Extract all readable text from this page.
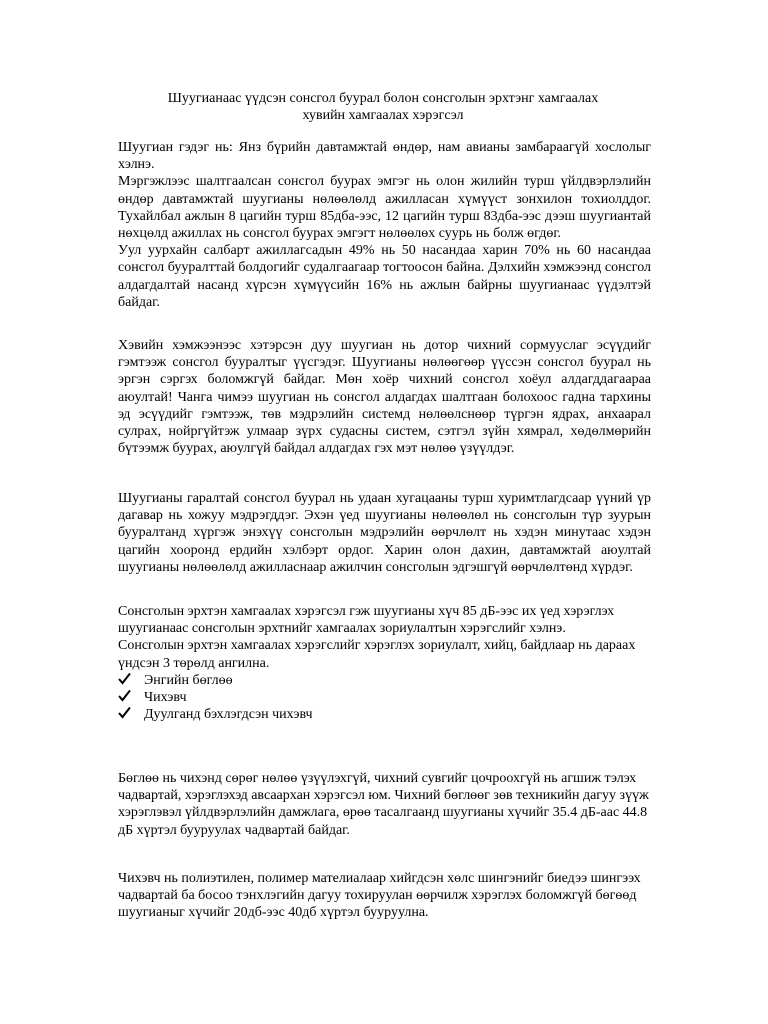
Шуугианаас үүдсэн сонсгол буурал болон сонсголын эрхтэнг хамгаалах
хувийн хамгаалах хэрэгсэл

Шуугиан гэдэг нь: Янз бүрийн давтамжтай өндөр, нам авианы замбараагүй хослолыг хэлнэ.

Мэргэжлээс шалтгаалсан сонсгол буурах эмгэг нь олон жилийн турш үйлдвэрлэлийн өндөр давтамжтай шуугианы нөлөөлөлд ажилласан хүмүүст зонхилон тохиолддог. Тухайлбал ажлын 8 цагийн турш 85дба-ээс, 12 цагийн турш 83дба-ээс дээш шуугиантай нөхцөлд ажиллах нь сонсгол буурах эмгэгт нөлөөлөх суурь нь болж өгдөг.

Уул уурхайн салбарт ажиллагсадын 49% нь 50 насандаа харин 70% нь 60 насандаа сонсгол бууралттай болдогийг судалгаагаар тогтоосон байна. Дэлхийн хэмжээнд сонсгол алдагдалтай насанд хүрсэн хүмүүсийн 16% нь ажлын байрны шуугианаас үүдэлтэй байдаг.

Хэвийн хэмжээнээс хэтэрсэн дуу шуугиан нь дотор чихний сормууслаг эсүүдийг гэмтээж сонсгол бууралтыг үүсгэдэг. Шуугианы нөлөөгөөр үүссэн сонсгол буурал нь эргэн сэргэх боломжгүй байдаг. Мөн хоёр чихний сонсгол хоёул алдагддагаараа аюултай! Чанга чимээ шуугиан нь сонсгол алдагдах шалтгаан болохоос гадна тархины эд эсүүдийг гэмтээж, төв мэдрэлийн системд нөлөөлснөөр түргэн ядрах, анхаарал сулрах, нойргүйтэж улмаар зүрх судасны систем, сэтгэл зүйн хямрал, хөдөлмөрийн бүтээмж буурах, аюулгүй байдал алдагдах гэх мэт нөлөө үзүүлдэг.

Шуугианы гаралтай сонсгол буурал нь удаан хугацааны турш хуримтлагдсаар үүний үр дагавар нь хожуу мэдрэгддэг. Эхэн үед шуугианы нөлөөлөл нь сонсголын түр зуурын бууралтанд хүргэж энэхүү сонсголын мэдрэлийн өөрчлөлт нь хэдэн минутаас хэдэн цагийн хооронд ердийн хэлбэрт ордог. Харин олон дахин, давтамжтай аюултай шуугианы нөлөөлөлд ажилласнаар ажилчин сонсголын эдгэшгүй өөрчлөлтөнд хүрдэг.

Сонсголын эрхтэн хамгаалах хэрэгсэл гэж шуугианы хүч 85 дБ-ээс их үед хэрэглэх шуугианаас сонсголын эрхтнийг хамгаалах зориулалтын хэрэгслийг хэлнэ.

Сонсголын эрхтэн хамгаалах хэрэгслийг хэрэглэх зориулалт, хийц, байдлаар нь дараах үндсэн 3 төрөлд ангилна.

Энгийн бөглөө
Чихэвч
Дуулганд бэхлэгдсэн чихэвч

Бөглөө нь чихэнд сөрөг нөлөө үзүүлэхгүй, чихний сувгийг цочроохгүй нь агшиж тэлэх чадвартай, хэрэглэхэд авсаархан хэрэгсэл юм. Чихний бөглөөг зөв техникийн дагуу зүүж хэрэглэвэл үйлдвэрлэлийн дамжлага, өрөө тасалгаанд шуугианы хүчийг 35.4 дБ-аас 44.8 дБ хүртэл бууруулах чадвартай байдаг.

Чихэвч нь полиэтилен, полимер мателиалаар хийгдсэн хөлс шингэнийг биедээ шингээх чадвартай ба босоо тэнхлэгийн дагуу тохируулан өөрчилж хэрэглэх боломжгүй бөгөөд шуугианыг хүчийг 20дб-ээс 40дб хүртэл бууруулна.
